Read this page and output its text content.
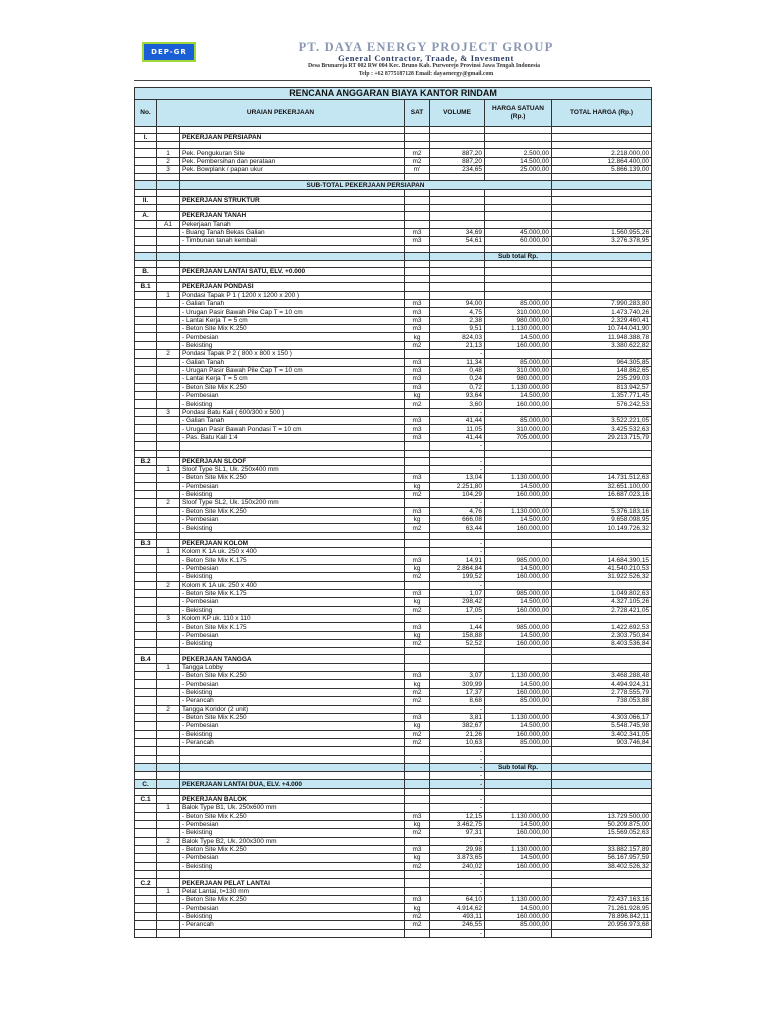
DEP-GR	PT. DAYA ENERGY PROJECT GROUP
General Contractor, Traade, & Invesment
Desa Brunareja RT 002 RW 004 Kec. Bruno Kab. Purworejo Provinsi Jawa Tengah Indonesia
Telp : +62 8775187128 Email: dayaenergy@gmail.com
RENCANA ANGGARAN BIAYA KANTOR RINDAM						
No.	URAIAN PEKERJAAN		SAT	VOLUME	HARGA SATUAN (Rp.)	TOTAL HARGA (Rp.)

I.		PEKERJAAN PERSIAPAN				

	1	Pek. Pengukuran Site	m2	887,20	2.500,00	2.218.000,00
	2	Pek. Pembersihan dan perataan	m2	887,20	14.500,00	12.864.400,00
	3	Pek. Bowplank / papan ukur	m'	234,65	25.000,00	5.866.139,00

		SUB-TOTAL PEKERJAAN PERSIAPAN				

II.		PEKERJAAN STRUKTUR				

A.		PEKERJAAN TANAH				
	A1	Pekerjaan Tanah				
		- Buang Tanah Bekas Galian	m3	34,69	45.000,00	1.560.955,26
		- Timbunan tanah kembali	m3	54,61	60.000,00	3.276.378,95

					Sub total Rp.	

B.		PEKERJAAN LANTAI SATU, ELV. +0.000				

B.1		PEKERJAAN PONDASI				
	1	Pondasi Tapak P 1 ( 1200 x 1200 x 200 )				
		- Galian Tanah	m3	94,00	85.000,00	7.990.283,80
		- Urugan Pasir Bawah Pile Cap T = 10 cm	m3	4,75	310.000,00	1.473.740,26
		- Lantai Kerja T = 5 cm	m3	2,38	980.000,00	2.329.460,41
		- Beton Site Mix K.250	m3	9,51	1.130.000,00	10.744.041,90
		- Pembesian	kg	824,03	14.500,00	11.948.388,78
		- Bekisting	m2	21,13	160.000,00	3.380.622,82
	2	Pondasi Tapak P 2 ( 800 x 800 x 150 )		-		
		- Galian Tanah	m3	11,34	85.000,00	964.305,85
		- Urugan Pasir Bawah Pile Cap T = 10 cm	m3	0,48	310.000,00	148.862,65
		- Lantai Kerja T = 5 cm	m3	0,24	980.000,00	235.299,03
		- Beton Site Mix K.250	m3	0,72	1.130.000,00	813.942,57
		- Pembesian	kg	93,64	14.500,00	1.357.771,45
		- Bekisting	m2	3,60	160.000,00	576.242,53
	3	Pondasi Batu Kali ( 600/300 x 500 )		-		
		- Galian Tanah	m3	41,44	85.000,00	3.522.221,05
		- Urugan Pasir Bawah Pondasi T = 10 cm	m3	11,05	310.000,00	3.425.532,63
		- Pas. Batu Kali 1:4	m3	41,44	705.000,00	29.213.715,79
				-		

B.2		PEKERJAAN SLOOF		-		
	1	Sloof Type SL1, Uk. 250x400 mm		-		
		- Beton Site Mix K.250	m3	13,04	1.130.000,00	14.731.512,63
		- Pembesian	kg	2.251,80	14.500,00	32.651.100,00
		- Bekisting	m2	104,29	160.000,00	16.687.023,16
	2	Sloof Type SL2, Uk. 150x200 mm		-		
		- Beton Site Mix K.250	m3	4,76	1.130.000,00	5.376.183,16
		- Pembesian	kg	666,08	14.500,00	9.658.098,95
		- Bekisting	m2	63,44	160.000,00	10.149.726,32

B.3		PEKERJAAN KOLOM		-		
	1	Kolom K 1A uk. 250 x 400		-		
		- Beton Site Mix K.175	m3	14,91	985.000,00	14.684.390,15
		- Pembesian	kg	2.864,84	14.500,00	41.540.210,53
		- Bekisting	m2	199,52	160.000,00	31.922.526,32
	2	Kolom K 1A uk. 250 x 400		-		
		- Beton Site Mix K.175	m3	1,07	985.000,00	1.049.802,63
		- Pembesian	kg	298,42	14.500,00	4.327.105,26
		- Bekisting	m2	17,05	160.000,00	2.728.421,05
	3	Kolom KP uk. 110 x 110		-		
		- Beton Site Mix K.175	m3	1,44	985.000,00	1.422.692,53
		- Pembesian	kg	158,88	14.500,00	2.303.750,84
		- Bekisting	m2	52,52	160.000,00	8.403.536,84

B.4		PEKERJAAN TANGGA				
	1	Tangga Lobby				
		- Beton Site Mix K.250	m3	3,07	1.130.000,00	3.468.288,48
		- Pembesian	kg	309,99	14.500,00	4.494.924,31
		- Bekisting	m2	17,37	160.000,00	2.778.555,79
		- Perancah	m2	8,68	85.000,00	738.053,88
	2	Tangga Koridor (2 unit)		-		
		- Beton Site Mix K.250	m3	3,81	1.130.000,00	4.303.066,17
		- Pembesian	kg	382,67	14.500,00	5.548.745,98
		- Bekisting	m2	21,26	160.000,00	3.402.341,05
		- Perancah	m2	10,63	85.000,00	903.746,84
				-		
				-		
				-	Sub total Rp.	
				-		
C.		PEKERJAAN LANTAI DUA, ELV. +4.000		-		

C.1		PEKERJAAN BALOK		-		
	1	Balok Type B1, Uk. 250x600 mm		-		
		- Beton Site Mix K.250	m3	12,15	1.130.000,00	13.729.500,00
		- Pembesian	kg	3.462,75	14.500,00	50.209.875,00
		- Bekisting	m2	97,31	160.000,00	15.569.052,63
	2	Balok Type B2, Uk. 200x300 mm		-		
		- Beton Site Mix K.250	m3	29,98	1.130.000,00	33.882.157,89
		- Pembesian	kg	3.873,65	14.500,00	56.167.957,59
		- Bekisting	m2	240,02	160.000,00	38.402.526,32
				-		
C.2		PEKERJAAN PELAT LANTAI		-		
	1	Pelat Lantai, t=130 mm		-		
		- Beton Site Mix K.250	m3	64,10	1.130.000,00	72.437.163,16
		- Pembesian	kg	4.914,62	14.500,00	71.261.928,95
		- Bekisting	m2	493,11	160.000,00	78.896.842,11
		- Perancah	m2	246,55	85.000,00	20.956.973,68
				-		
